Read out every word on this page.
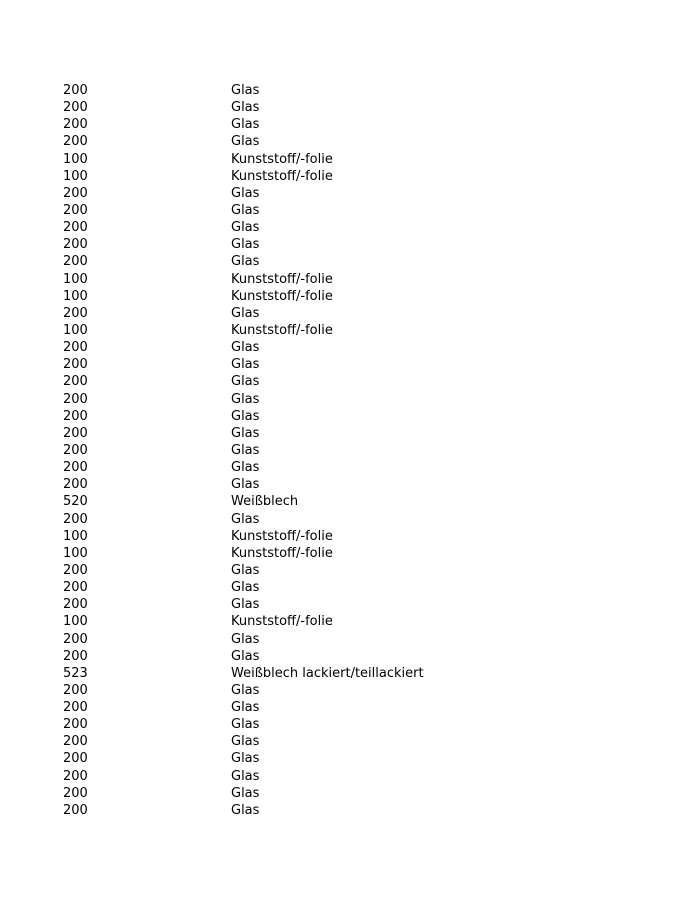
200	Glas
200	Glas
200	Glas
200	Glas
100	Kunststoff/-folie
100	Kunststoff/-folie
200	Glas
200	Glas
200	Glas
200	Glas
200	Glas
100	Kunststoff/-folie
100	Kunststoff/-folie
200	Glas
100	Kunststoff/-folie
200	Glas
200	Glas
200	Glas
200	Glas
200	Glas
200	Glas
200	Glas
200	Glas
200	Glas
520	Weißblech
200	Glas
100	Kunststoff/-folie
100	Kunststoff/-folie
200	Glas
200	Glas
200	Glas
100	Kunststoff/-folie
200	Glas
200	Glas
523	Weißblech lackiert/teillackiert
200	Glas
200	Glas
200	Glas
200	Glas
200	Glas
200	Glas
200	Glas
200	Glas
